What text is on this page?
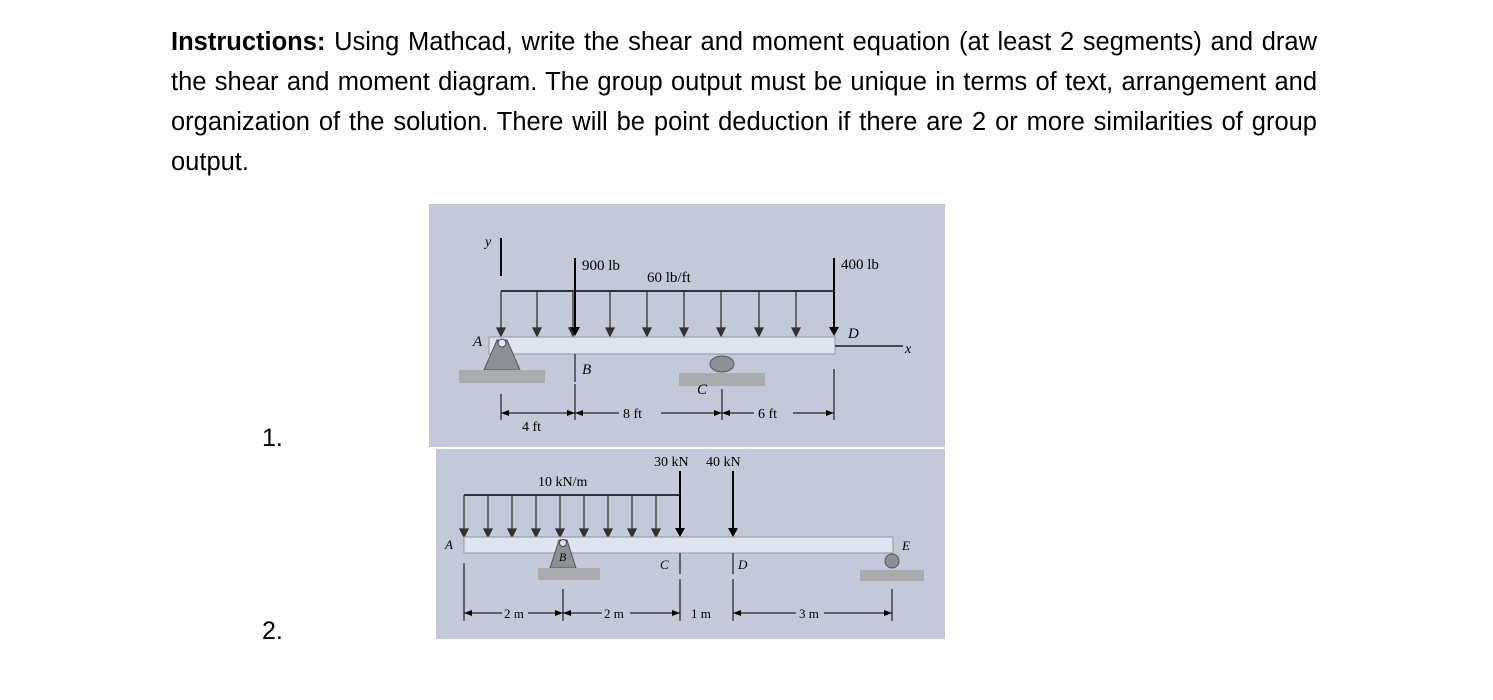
Instructions: Using Mathcad, write the shear and moment equation (at least 2 segments) and draw the shear and moment diagram. The group output must be unique in terms of text, arrangement and organization of the solution. There will be point deduction if there are 2 or more similarities of group output.

1.
2.
y
60 lb/ft
900 lb	400 lb
x
D
A
B
C
4 ft
8 ft	6 ft
10 kN/m
30 kN 40 kN
A
B	C	D
E
2 m	2 m	1 m	3 m
